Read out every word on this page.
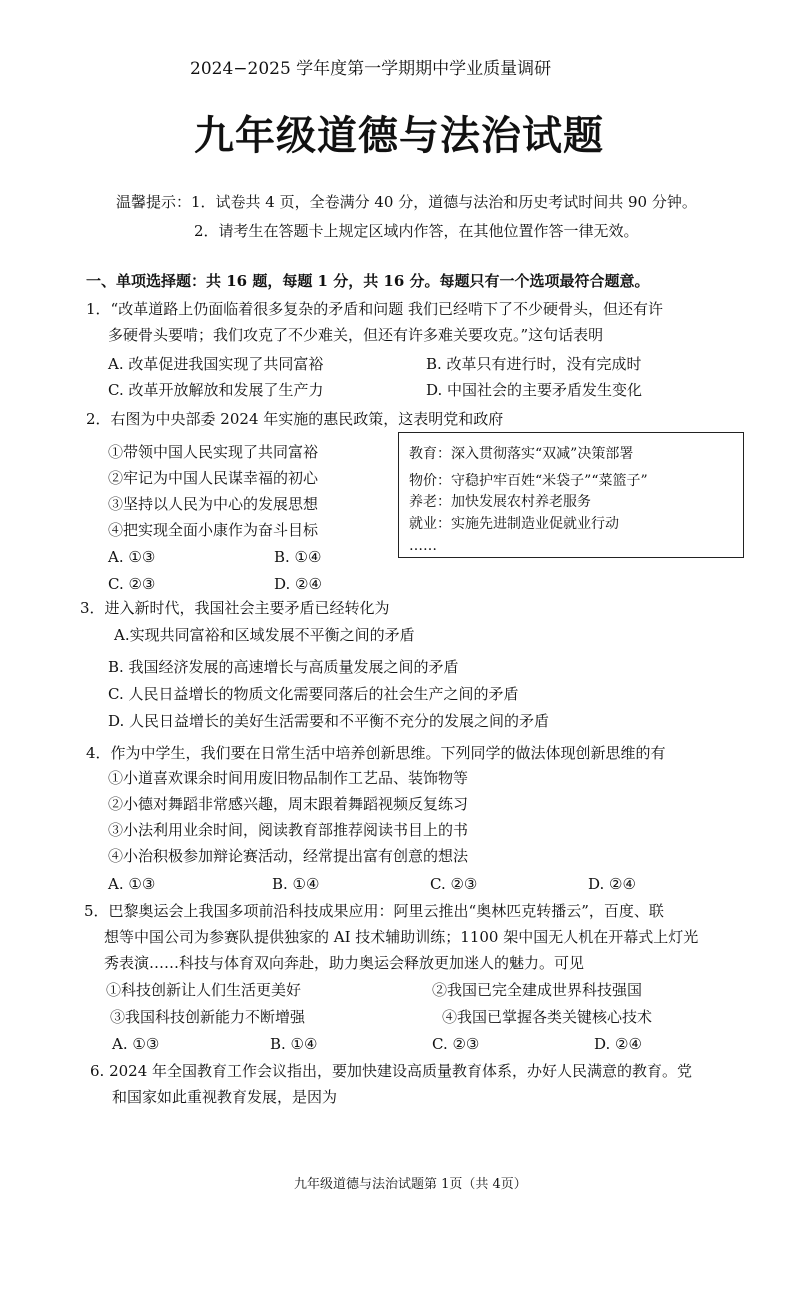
2024−2025 学年度第一学期期中学业质量调研
九年级道德与法治试题
温馨提示：1．试卷共 4 页，全卷满分 40 分，道德与法治和历史考试时间共 90 分钟。
2．请考生在答题卡上规定区域内作答，在其他位置作答一律无效。
一、单项选择题：共 16 题，每题 1 分，共 16 分。每题只有一个选项最符合题意。
1．“改革道路上仍面临着很多复杂的矛盾和问题 我们已经啃下了不少硬骨头，但还有许
多硬骨头要啃；我们攻克了不少难关，但还有许多难关要攻克。”这句话表明
A. 改革促进我国实现了共同富裕	B. 改革只有进行时，没有完成时
C. 改革开放解放和发展了生产力	D. 中国社会的主要矛盾发生变化
2．右图为中央部委 2024 年实施的惠民政策，这表明党和政府
①带领中国人民实现了共同富裕
②牢记为中国人民谋幸福的初心
③坚持以人民为中心的发展思想
④把实现全面小康作为奋斗目标
A. ①③	B. ①④
C. ②③	D. ②④
教育：深入贯彻落实“双减”决策部署
物价：守稳护牢百姓“米袋子”“菜篮子”
养老：加快发展农村养老服务
就业：实施先进制造业促就业行动
……
3．进入新时代，我国社会主要矛盾已经转化为
A.实现共同富裕和区域发展不平衡之间的矛盾
B. 我国经济发展的高速增长与高质量发展之间的矛盾
C. 人民日益增长的物质文化需要同落后的社会生产之间的矛盾
D. 人民日益增长的美好生活需要和不平衡不充分的发展之间的矛盾
4．作为中学生，我们要在日常生活中培养创新思维。下列同学的做法体现创新思维的有
①小道喜欢课余时间用废旧物品制作工艺品、装饰物等
②小德对舞蹈非常感兴趣，周末跟着舞蹈视频反复练习
③小法利用业余时间，阅读教育部推荐阅读书目上的书
④小治积极参加辩论赛活动，经常提出富有创意的想法
A. ①③	B. ①④	C. ②③	D. ②④
5．巴黎奥运会上我国多项前沿科技成果应用：阿里云推出“奥林匹克转播云”，百度、联
想等中国公司为参赛队提供独家的 AI 技术辅助训练；1100 架中国无人机在开幕式上灯光
秀表演……科技与体育双向奔赴，助力奥运会释放更加迷人的魅力。可见
①科技创新让人们生活更美好	②我国已完全建成世界科技强国
③我国科技创新能力不断增强	④我国已掌握各类关键核心技术
A. ①③	B. ①④	C. ②③	D. ②④
6. 2024 年全国教育工作会议指出，要加快建设高质量教育体系，办好人民满意的教育。党
和国家如此重视教育发展，是因为
九年级道德与法治试题第 1页（共 4页）
